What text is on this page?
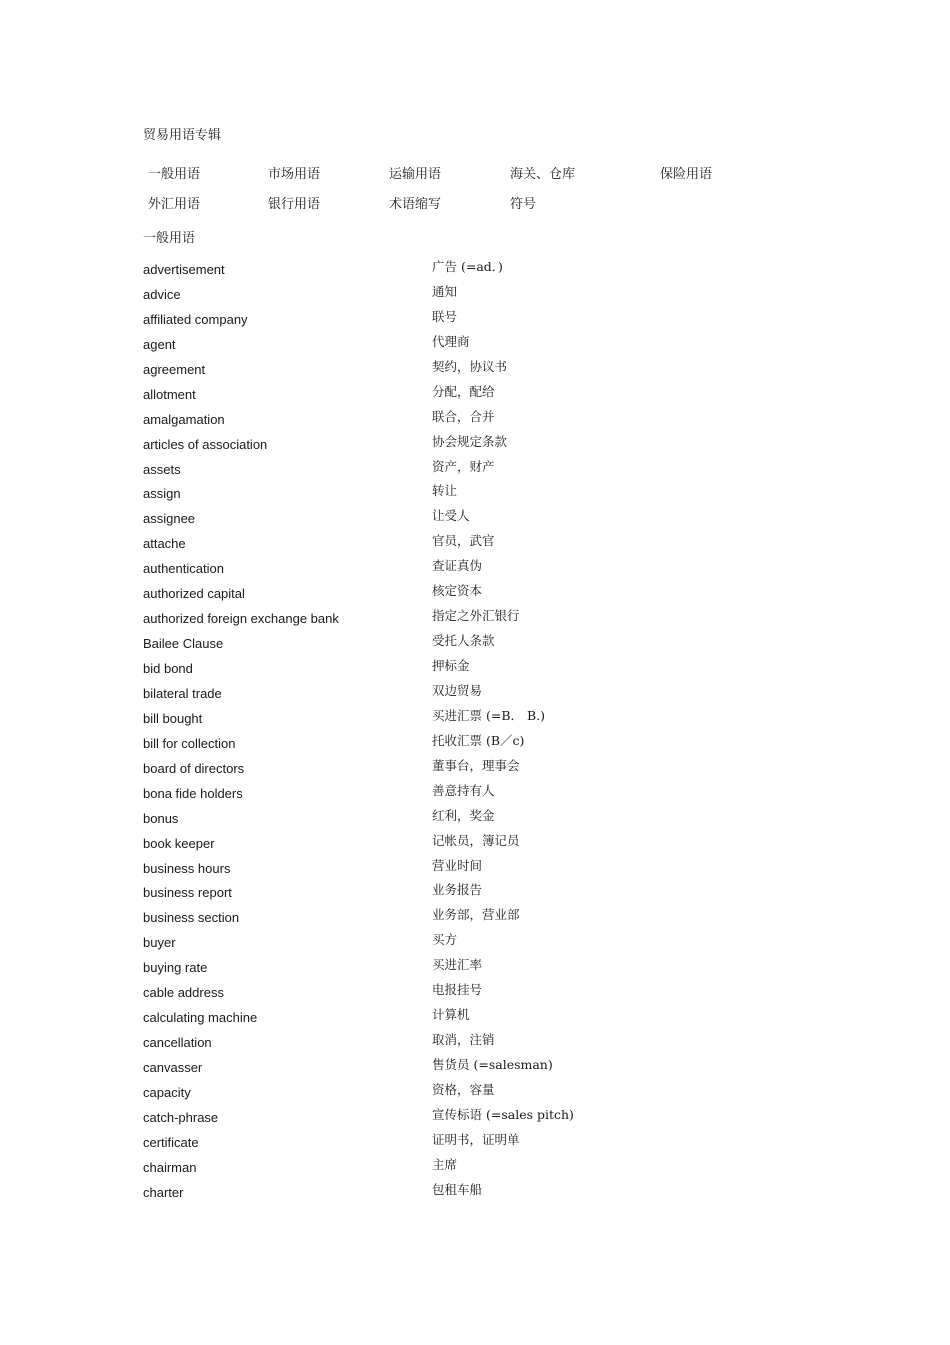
贸易用语专辑
一般用语	市场用语	运输用语	海关、仓库	保险用语
外汇用语	银行用语	术语缩写	符号
一般用语
advertisement	广告 (=ad．)
advice	通知
affiliated company	联号
agent	代理商
agreement	契约，协议书
allotment	分配，配给
amalgamation	联合，合并
articles of association	协会规定条款
assets	资产，财产
assign	转让
assignee	让受人
attache	官员，武官
authentication	查证真伪
authorized capital	核定资本
authorized foreign exchange bank	指定之外汇银行
Bailee Clause	受托人条款
bid bond	押标金
bilateral trade	双边贸易
bill bought	买进汇票 (=B． B.)
bill for collection	托收汇票 (B／c)
board of directors	董事台，理事会
bona fide holders	善意持有人
bonus	红利，奖金
book keeper	记帐员，簿记员
business hours	营业时间
business report	业务报告
business section	业务部，营业部
buyer	买方
buying rate	买进汇率
cable address	电报挂号
calculating machine	计算机
cancellation	取消，注销
canvasser	售货员 (=salesman)
capacity	资格，容量
catch-phrase	宣传标语 (=sales pitch)
certificate	证明书，证明单
chairman	主席
charter	包租车船
